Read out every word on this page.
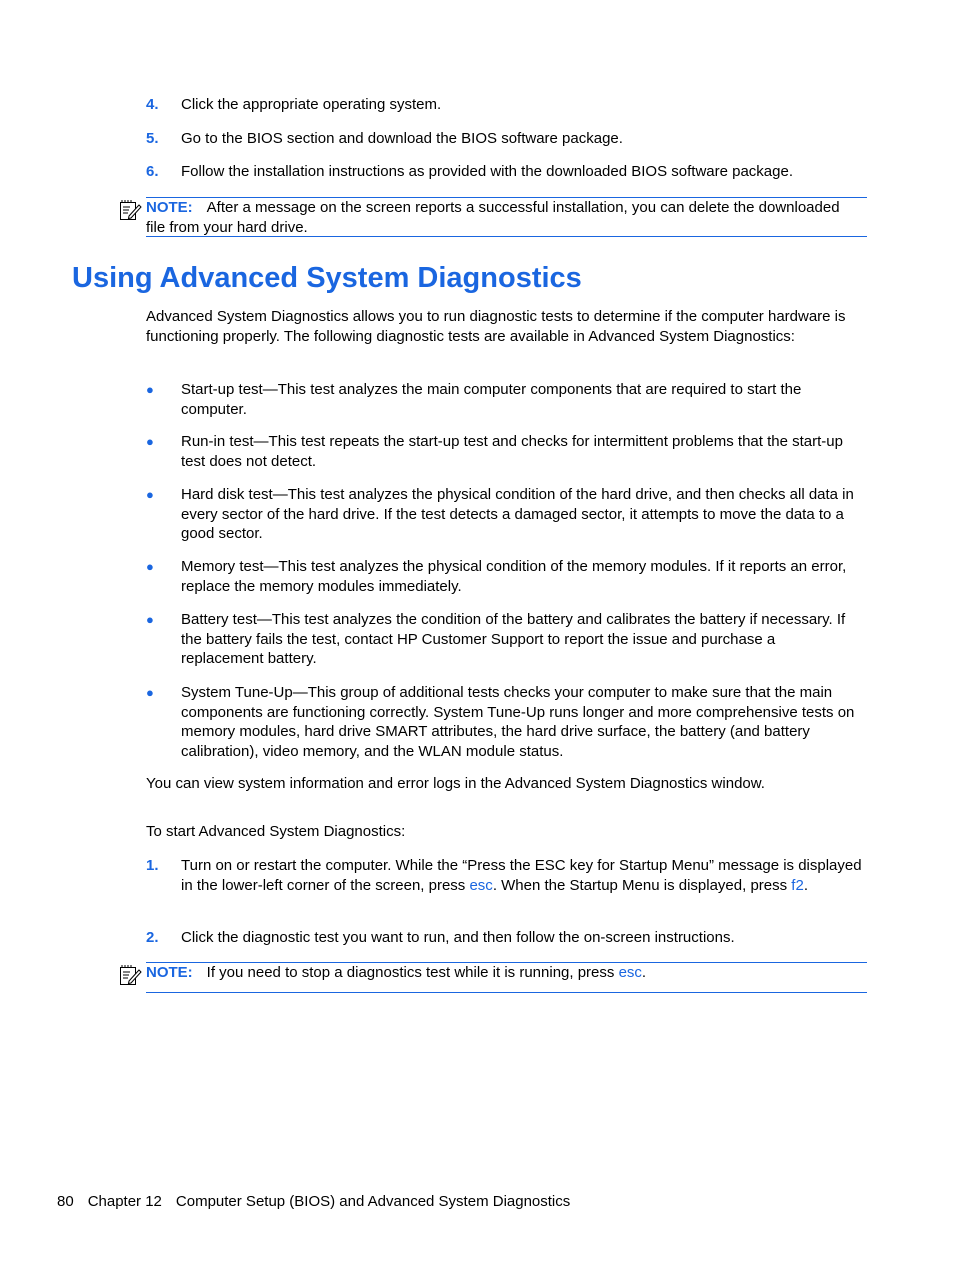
4. Click the appropriate operating system.
5. Go to the BIOS section and download the BIOS software package.
6. Follow the installation instructions as provided with the downloaded BIOS software package.
NOTE: After a message on the screen reports a successful installation, you can delete the downloaded file from your hard drive.
Using Advanced System Diagnostics
Advanced System Diagnostics allows you to run diagnostic tests to determine if the computer hardware is functioning properly. The following diagnostic tests are available in Advanced System Diagnostics:
● Start-up test—This test analyzes the main computer components that are required to start the computer.
● Run-in test—This test repeats the start-up test and checks for intermittent problems that the start-up test does not detect.
● Hard disk test—This test analyzes the physical condition of the hard drive, and then checks all data in every sector of the hard drive. If the test detects a damaged sector, it attempts to move the data to a good sector.
● Memory test—This test analyzes the physical condition of the memory modules. If it reports an error, replace the memory modules immediately.
● Battery test—This test analyzes the condition of the battery and calibrates the battery if necessary. If the battery fails the test, contact HP Customer Support to report the issue and purchase a replacement battery.
● System Tune-Up—This group of additional tests checks your computer to make sure that the main components are functioning correctly. System Tune-Up runs longer and more comprehensive tests on memory modules, hard drive SMART attributes, the hard drive surface, the battery (and battery calibration), video memory, and the WLAN module status.
You can view system information and error logs in the Advanced System Diagnostics window.
To start Advanced System Diagnostics:
1. Turn on or restart the computer. While the “Press the ESC key for Startup Menu” message is displayed in the lower-left corner of the screen, press esc. When the Startup Menu is displayed, press f2.
2. Click the diagnostic test you want to run, and then follow the on-screen instructions.
NOTE: If you need to stop a diagnostics test while it is running, press esc.
80 Chapter 12 Computer Setup (BIOS) and Advanced System Diagnostics
